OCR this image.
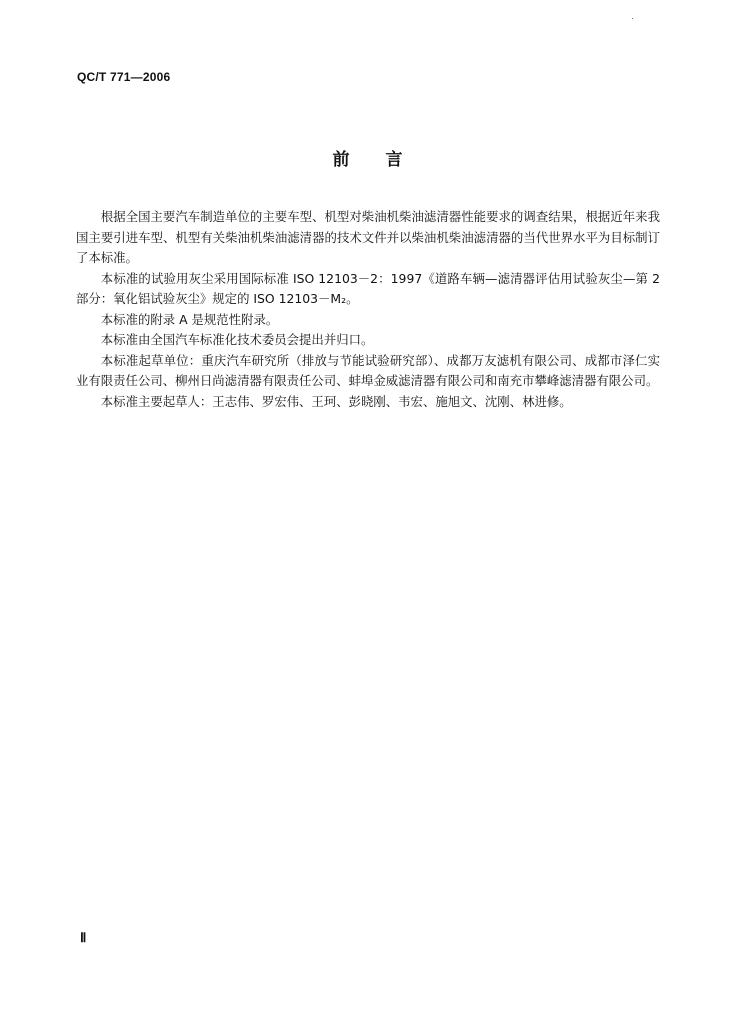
QC/T 771—2006
前言

根据全国主要汽车制造单位的主要车型、机型对柴油机柴油滤清器性能要求的调查结果，根据近年来我国主要引进车型、机型有关柴油机柴油滤清器的技术文件并以柴油机柴油滤清器的当代世界水平为目标制订了本标准。

本标准的试验用灰尘采用国际标准 ISO 12103－2：1997《道路车辆—滤清器评估用试验灰尘—第 2 部分：氧化铝试验灰尘》规定的 ISO 12103－M₂。

本标准的附录 A 是规范性附录。

本标准由全国汽车标准化技术委员会提出并归口。

本标准起草单位：重庆汽车研究所（排放与节能试验研究部）、成都万友滤机有限公司、成都市泽仁实业有限责任公司、柳州日尚滤清器有限责任公司、蚌埠金威滤清器有限公司和南充市攀峰滤清器有限公司。

本标准主要起草人：王志伟、罗宏伟、王珂、彭晓刚、韦宏、施旭文、沈刚、林进修。

Ⅱ
